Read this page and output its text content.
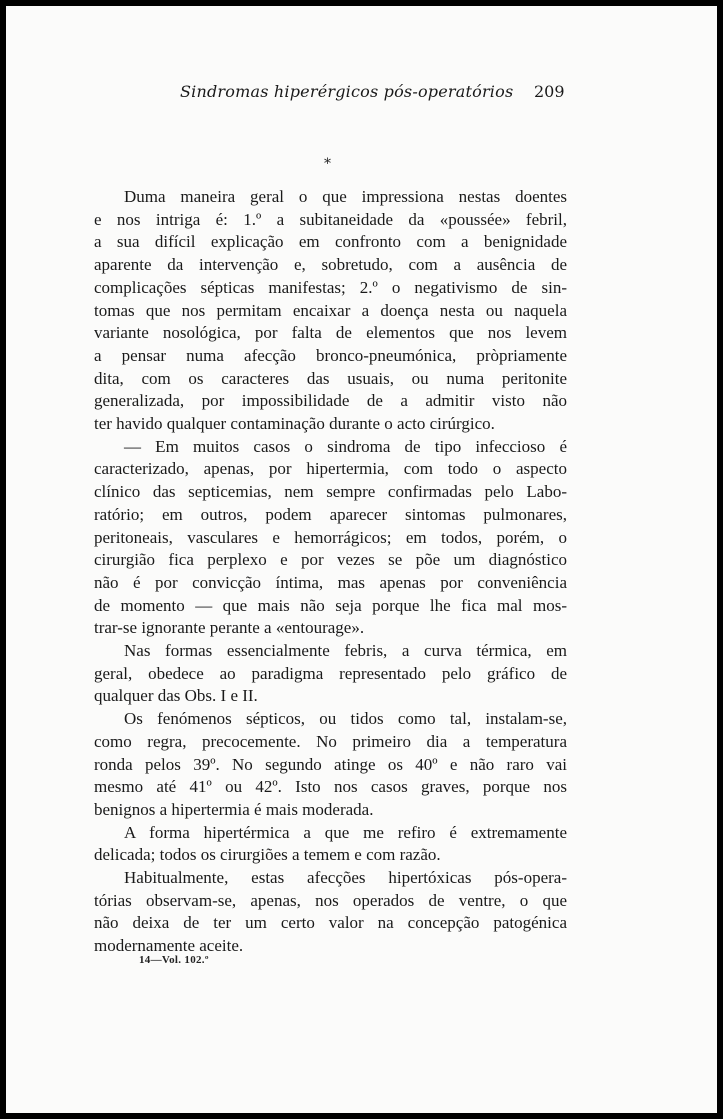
Sindromas hiperérgicos pós-operatórios 209
*
Duma maneira geral o que impressiona nestas doentes
e nos intriga é: 1.º a subitaneidade da «poussée» febril,
a sua difícil explicação em confronto com a benignidade
aparente da intervenção e, sobretudo, com a ausência de
complicações sépticas manifestas; 2.º o negativismo de sin-
tomas que nos permitam encaixar a doença nesta ou naquela
variante nosológica, por falta de elementos que nos levem
a pensar numa afecção bronco-pneumónica, pròpriamente
dita, com os caracteres das usuais, ou numa peritonite
generalizada, por impossibilidade de a admitir visto não
ter havido qualquer contaminação durante o acto cirúrgico.
— Em muitos casos o sindroma de tipo infeccioso é
caracterizado, apenas, por hipertermia, com todo o aspecto
clínico das septicemias, nem sempre confirmadas pelo Labo-
ratório; em outros, podem aparecer sintomas pulmonares,
peritoneais, vasculares e hemorrágicos; em todos, porém, o
cirurgião fica perplexo e por vezes se põe um diagnóstico
não é por convicção íntima, mas apenas por conveniência
de momento — que mais não seja porque lhe fica mal mos-
trar-se ignorante perante a «entourage».
Nas formas essencialmente febris, a curva térmica, em
geral, obedece ao paradigma representado pelo gráfico de
qualquer das Obs. I e II.
Os fenómenos sépticos, ou tidos como tal, instalam-se,
como regra, precocemente. No primeiro dia a temperatura
ronda pelos 39º. No segundo atinge os 40º e não raro vai
mesmo até 41º ou 42º. Isto nos casos graves, porque nos
benignos a hipertermia é mais moderada.
A forma hipertérmica a que me refiro é extremamente
delicada; todos os cirurgiões a temem e com razão.
Habitualmente, estas afecções hipertóxicas pós-opera-
tórias observam-se, apenas, nos operados de ventre, o que
não deixa de ter um certo valor na concepção patogénica
modernamente aceite.
14—Vol. 102.º
